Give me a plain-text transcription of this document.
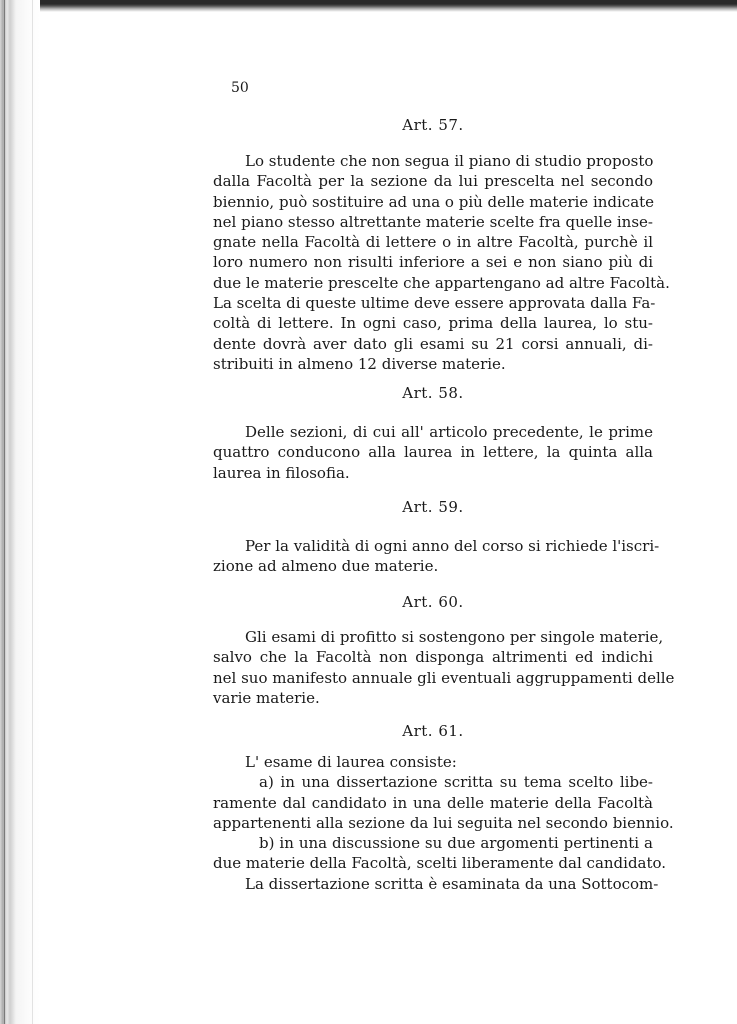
50
Art. 57.
Lo studente che non segua il piano di studio proposto
dalla Facoltà per la sezione da lui prescelta nel secondo
biennio, può sostituire ad una o più delle materie indicate
nel piano stesso altrettante materie scelte fra quelle inse-
gnate nella Facoltà di lettere o in altre Facoltà, purchè il
loro numero non risulti inferiore a sei e non siano più di
due le materie prescelte che appartengano ad altre Facoltà.
La scelta di queste ultime deve essere approvata dalla Fa-
coltà di lettere. In ogni caso, prima della laurea, lo stu-
dente dovrà aver dato gli esami su 21 corsi annuali, di-
stribuiti in almeno 12 diverse materie.
Art. 58.
Delle sezioni, di cui all' articolo precedente, le prime
quattro conducono alla laurea in lettere, la quinta alla
laurea in filosofia.
Art. 59.
Per la validità di ogni anno del corso si richiede l'iscri-
zione ad almeno due materie.
Art. 60.
Gli esami di profitto si sostengono per singole materie,
salvo che la Facoltà non disponga altrimenti ed indichi
nel suo manifesto annuale gli eventuali aggruppamenti delle
varie materie.
Art. 61.
L' esame di laurea consiste:
a) in una dissertazione scritta su tema scelto libe-
ramente dal candidato in una delle materie della Facoltà
appartenenti alla sezione da lui seguita nel secondo biennio.
b) in una discussione su due argomenti pertinenti a
due materie della Facoltà, scelti liberamente dal candidato.
La dissertazione scritta è esaminata da una Sottocom-
